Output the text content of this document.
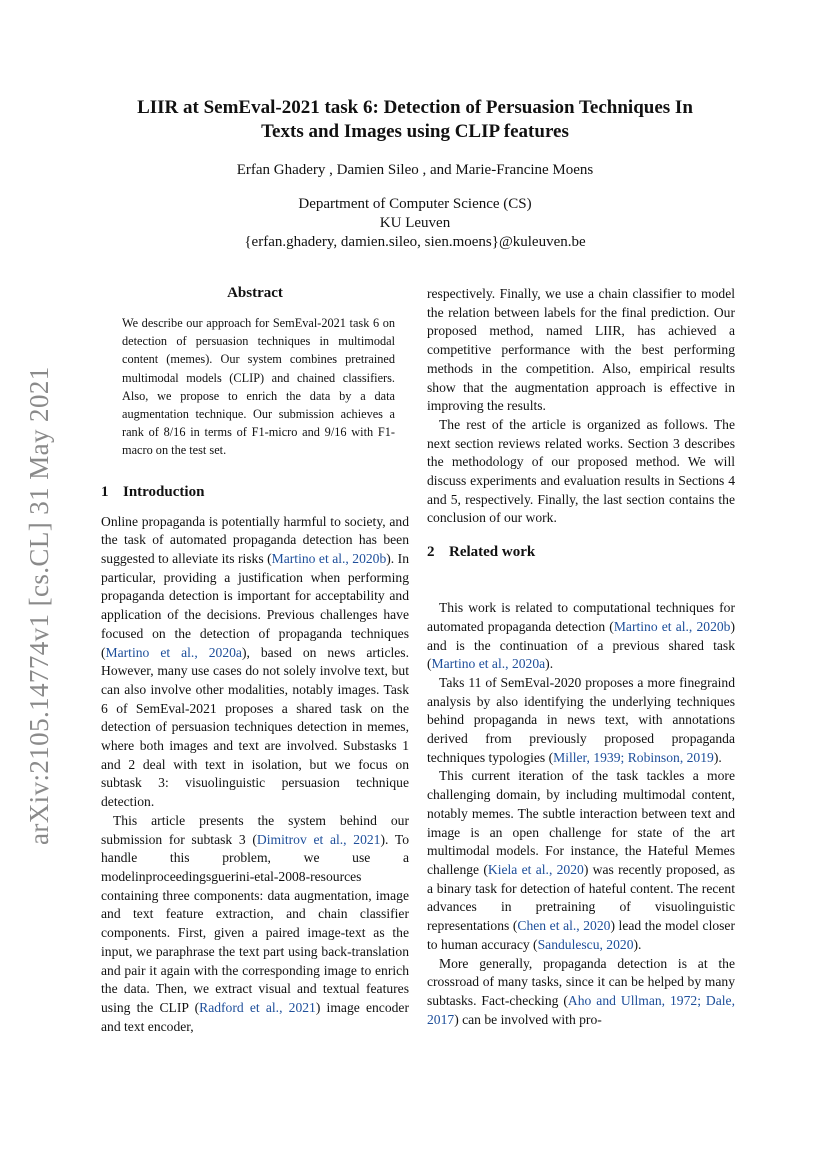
LIIR at SemEval-2021 task 6: Detection of Persuasion Techniques In
Texts and Images using CLIP features
Erfan Ghadery , Damien Sileo , and Marie-Francine Moens
Department of Computer Science (CS)
KU Leuven
{erfan.ghadery, damien.sileo, sien.moens}@kuleuven.be
arXiv:2105.14774v1 [cs.CL] 31 May 2021
Abstract

We describe our approach for SemEval-2021 task 6 on detection of persuasion techniques in multimodal content (memes). Our system combines pretrained multimodal models (CLIP) and chained classifiers. Also, we propose to enrich the data by a data augmentation technique. Our submission achieves a rank of 8/16 in terms of F1-micro and 9/16 with F1-macro on the test set.

1 Introduction

Online propaganda is potentially harmful to society, and the task of automated propaganda detection has been suggested to alleviate its risks (Martino et al., 2020b). In particular, providing a justification when performing propaganda detection is important for acceptability and application of the decisions. Previous challenges have focused on the detection of propaganda techniques (Martino et al., 2020a), based on news articles. However, many use cases do not solely involve text, but can also involve other modalities, notably images. Task 6 of SemEval-2021 proposes a shared task on the detection of persuasion techniques detection in memes, where both images and text are involved. Substasks 1 and 2 deal with text in isolation, but we focus on subtask 3: visuolinguistic persuasion technique detection.

This article presents the system behind our submission for subtask 3 (Dimitrov et al., 2021). To handle this problem, we use a modelinproceedingsguerini-etal-2008-resources containing three components: data augmentation, image and text feature extraction, and chain classifier components. First, given a paired image-text as the input, we paraphrase the text part using back-translation and pair it again with the corresponding image to enrich the data. Then, we extract visual and textual features using the CLIP (Radford et al., 2021) image encoder and text encoder,

respectively. Finally, we use a chain classifier to model the relation between labels for the final prediction. Our proposed method, named LIIR, has achieved a competitive performance with the best performing methods in the competition. Also, empirical results show that the augmentation approach is effective in improving the results.

The rest of the article is organized as follows. The next section reviews related works. Section 3 describes the methodology of our proposed method. We will discuss experiments and evaluation results in Sections 4 and 5, respectively. Finally, the last section contains the conclusion of our work.

2 Related work

This work is related to computational techniques for automated propaganda detection (Martino et al., 2020b) and is the continuation of a previous shared task (Martino et al., 2020a).

Taks 11 of SemEval-2020 proposes a more finegraind analysis by also identifying the underlying techniques behind propaganda in news text, with annotations derived from previously proposed propaganda techniques typologies (Miller, 1939; Robinson, 2019).

This current iteration of the task tackles a more challenging domain, by including multimodal content, notably memes. The subtle interaction between text and image is an open challenge for state of the art multimodal models. For instance, the Hateful Memes challenge (Kiela et al., 2020) was recently proposed, as a binary task for detection of hateful content. The recent advances in pretraining of visuolinguistic representations (Chen et al., 2020) lead the model closer to human accuracy (Sandulescu, 2020).

More generally, propaganda detection is at the crossroad of many tasks, since it can be helped by many subtasks. Fact-checking (Aho and Ullman, 1972; Dale, 2017) can be involved with pro-
